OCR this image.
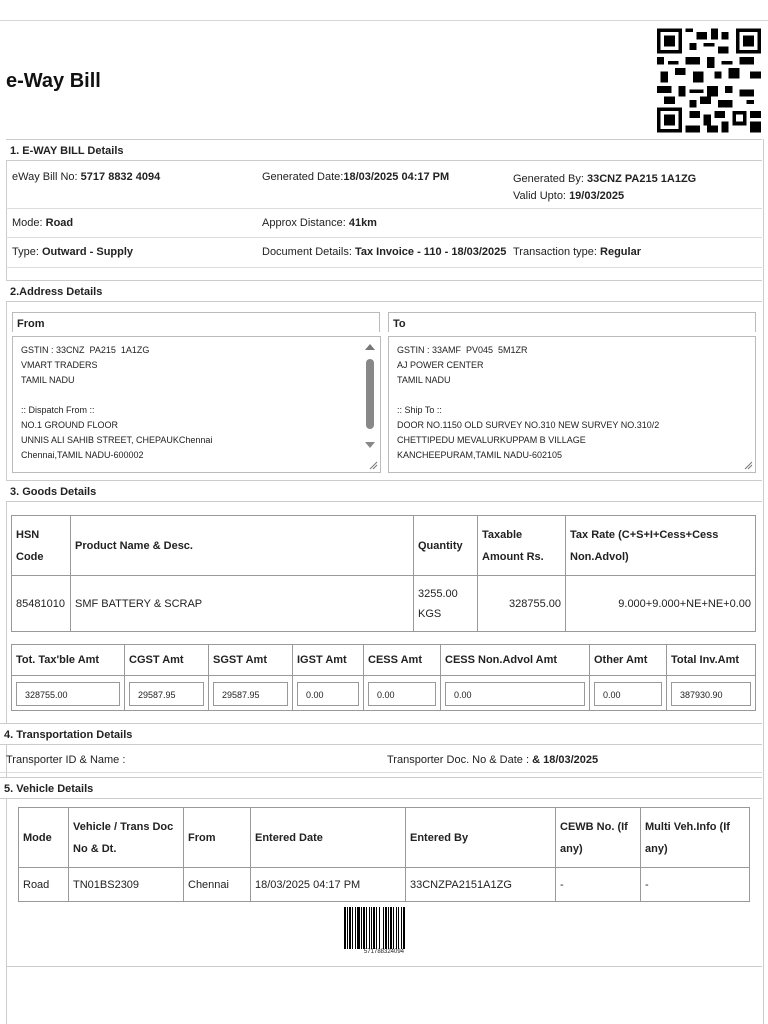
e-Way Bill
1. E-WAY BILL Details
eWay Bill No: 5717 8832 4094	Generated Date:18/03/2025 04:17 PM	Generated By: 33CNZ PA215 1A1ZG
Valid Upto: 19/03/2025
Mode: Road	Approx Distance: 41km
Type: Outward - Supply	Document Details: Tax Invoice - 110 - 18/03/2025 Transaction type: Regular
2.Address Details
From	To
GSTIN : 33CNZ  PA215  1A1ZG
VMART TRADERS
TAMIL NADU

:: Dispatch From ::
NO.1 GROUND FLOOR
UNNIS ALI SAHIB STREET, CHEPAUKChennai
Chennai,TAMIL NADU-600002
GSTIN : 33AMF  PV045  5M1ZR
AJ POWER CENTER
TAMIL NADU

:: Ship To ::
DOOR NO.1150 OLD SURVEY NO.310 NEW SURVEY NO.310/2
CHETTIPEDU MEVALURKUPPAM B VILLAGE
KANCHEEPURAM,TAMIL NADU-602105
3. Goods Details
HSN Code	Product Name & Desc.	Quantity	Taxable Amount Rs.	Tax Rate (C+S+I+Cess+Cess Non.Advol)
85481010	SMF BATTERY & SCRAP	3255.00 KGS	328755.00	9.000+9.000+NE+NE+0.00
Tot. Tax'ble Amt	CGST Amt	SGST Amt	IGST Amt	CESS Amt	CESS Non.Advol Amt	Other Amt	Total Inv.Amt

328755.00	29587.95	29587.95	0.00	0.00	0.00	0.00	387930.90
4. Transportation Details
Transporter ID & Name :	Transporter Doc. No & Date : & 18/03/2025
5. Vehicle Details
Mode	Vehicle / Trans Doc No & Dt.	From	Entered Date	Entered By	CEWB No. (If any)	Multi Veh.Info (If any)
Road	TN01BS2309	Chennai	18/03/2025 04:17 PM	33CNZPA2151A1ZG	-	-
571788324094
